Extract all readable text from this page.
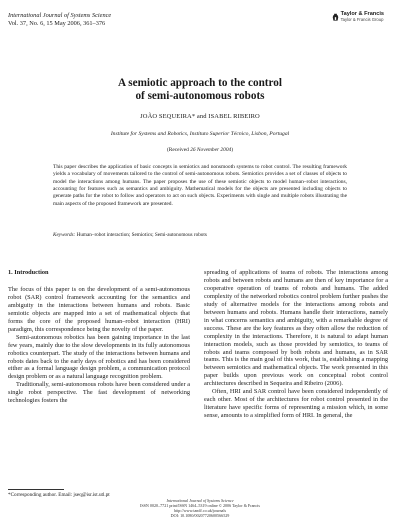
International Journal of Systems Science
Vol. 37, No. 6, 15 May 2006, 361–376
Taylor & Francis
Taylor & Francis Group
A semiotic approach to the control
of semi-autonomous robots
JOÃO SEQUEIRA* and ISABEL RIBEIRO
Institute for Systems and Robotics, Instituto Superior Técnico, Lisbon, Portugal
(Received 26 November 2004)

This paper describes the application of basic concepts in semiotics and nonsmooth systems to robot control. The resulting framework yields a vocabulary of movements tailored to the control of semi-autonomous robots. Semiotics provides a set of classes of objects to model the interactions among humans. The paper proposes the use of these semiotic objects to model human–robot interactions, accounting for features such as semantics and ambiguity. Mathematical models for the objects are presented including objects to generate paths for the robot to follow and operators to act on such objects. Experiments with single and multiple robots illustrating the main aspects of the proposed framework are presented.

Keywords: Human–robot interaction; Semiotics; Semi-autonomous robots

1. Introduction

The focus of this paper is on the development of a semi-autonomous robot (SAR) control framework accounting for the semantics and ambiguity in the interactions between humans and robots. Basic semiotic objects are mapped into a set of mathematical objects that forms the core of the proposed human–robot interaction (HRI) paradigm, this correspondence being the novelty of the paper.

Semi-autonomous robotics has been gaining importance in the last few years, mainly due to the slow developments in its fully autonomous robotics counterpart. The study of the interactions between humans and robots dates back to the early days of robotics and has been considered either as a formal language design problem, a communication protocol design problem or as a natural language recognition problem.

Traditionally, semi-autonomous robots have been considered under a single robot perspective. The fast development of networking technologies fosters the

spreading of applications of teams of robots. The interactions among robots and between robots and humans are then of key importance for a cooperative operation of teams of robots and humans. The added complexity of the networked robotics control problem further pushes the study of alternative models for the interactions among robots and between humans and robots. Humans handle their interactions, namely in what concerns semantics and ambiguity, with a remarkable degree of success. These are the key features as they often allow the reduction of complexity in the interactions. Therefore, it is natural to adapt human interaction models, such as those provided by semiotics, to teams of robots and teams composed by both robots and humans, as in SAR teams. This is the main goal of this work, that is, establishing a mapping between semiotics and mathematical objects. The work presented in this paper builds upon previous work on conceptual robot control architectures described in Sequeira and Ribeiro (2006).

Often, HRI and SAR control have been considered independently of each other. Most of the architectures for robot control presented in the literature have specific forms of representing a mission which, in some sense, amounts to a simplified form of HRI. In general, the

*Corresponding author. Email: jseq@isr.ist.utl.pt
International Journal of Systems Science
ISSN 0020–7721 print/ISSN 1464–5319 online © 2006 Taylor & Francis
http://www.tandf.co.uk/journals
DOI: 10.1080/00207720600566529
